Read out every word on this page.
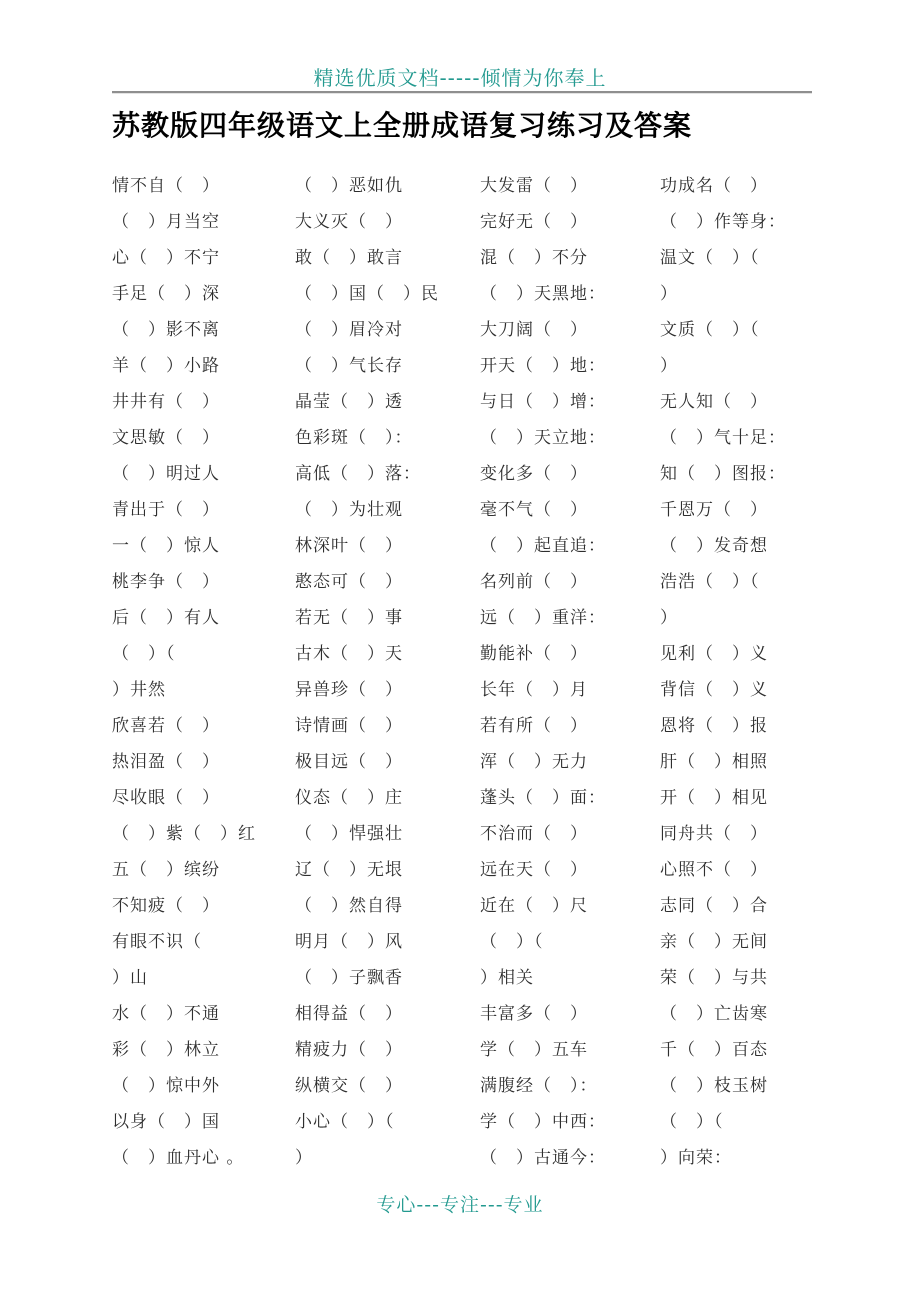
精选优质文档-----倾情为你奉上
苏教版四年级语文上全册成语复习练习及答案
情不自（　）
（　）月当空
心（　）不宁
手足（　）深
（　）影不离
羊（　）小路
井井有（　）
文思敏（　）
（　）明过人
青出于（　）
一（　）惊人
桃李争（　）
后（　）有人
（　）（
）井然
欣喜若（　）
热泪盈（　）
尽收眼（　）
（　）紫（　）红
五（　）缤纷
不知疲（　）
有眼不识（
）山
水（　）不通
彩（　）林立
（　）惊中外
以身（　）国
（　）血丹心 。
（　）恶如仇
大义灭（　）
敢（　）敢言
（　）国（　）民
（　）眉冷对
（　）气长存
晶莹（　）透
色彩斑（　）：
高低（　）落：
（　）为壮观
林深叶（　）
憨态可（　）
若无（　）事
古木（　）天
异兽珍（　）
诗情画（　）
极目远（　）
仪态（　）庄
（　）悍强壮
辽（　）无垠
（　）然自得
明月（　）风
（　）子飘香
相得益（　）
精疲力（　）
纵横交（　）
小心（　）（
）
大发雷（　）
完好无（　）
混（　）不分
（　）天黑地：
大刀阔（　）
开天（　）地：
与日（　）增：
（　）天立地：
变化多（　）
毫不气（　）
（　）起直追：
名列前（　）
远（　）重洋：
勤能补（　）
长年（　）月
若有所（　）
浑（　）无力
蓬头（　）面：
不治而（　）
远在天（　）
近在（　）尺
（　）（
）相关
丰富多（　）
学（　）五车
满腹经（　）：
学（　）中西：
（　）古通今：
功成名（　）
（　）作等身：
温文（　）（
）
文质（　）（
）
无人知（　）
（　）气十足：
知（　）图报：
千恩万（　）
（　）发奇想
浩浩（　）（
）
见利（　）义
背信（　）义
恩将（　）报
肝（　）相照
开（　）相见
同舟共（　）
心照不（　）
志同（　）合
亲（　）无间
荣（　）与共
（　）亡齿寒
千（　）百态
（　）枝玉树
（　）（
）向荣：
专心---专注---专业
